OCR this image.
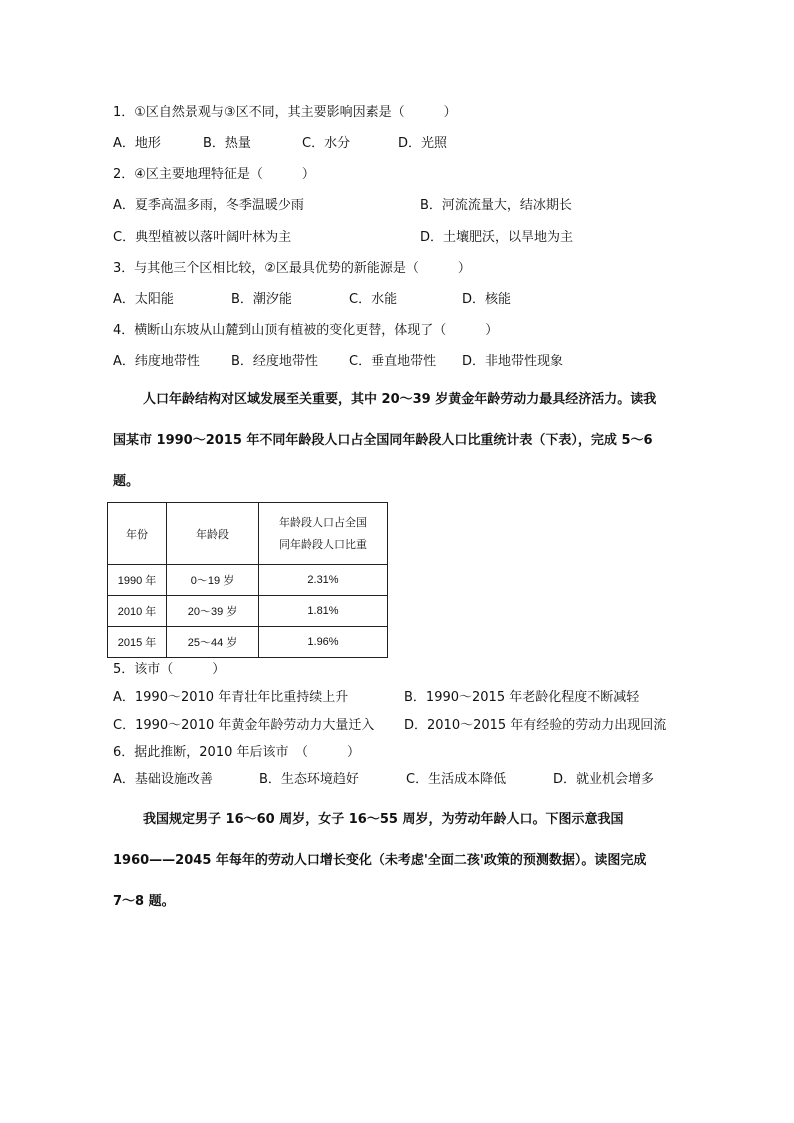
1．①区自然景观与③区不同，其主要影响因素是（　　　）
A．地形	B．热量	C．水分	D．光照
2．④区主要地理特征是（　　　）
A．夏季高温多雨，冬季温暖少雨	B．河流流量大，结冰期长
C．典型植被以落叶阔叶林为主	D．土壤肥沃，以旱地为主
3．与其他三个区相比较，②区最具优势的新能源是（　　　）
A．太阳能	B．潮汐能	C．水能	D．核能
4．横断山东坡从山麓到山顶有植被的变化更替，体现了（　　　）
A．纬度地带性 B．经度地带性 C．垂直地带性 D．非地带性现象
人口年龄结构对区域发展至关重要，其中 20～39 岁黄金年龄劳动力最具经济活力。读我
国某市 1990～2015 年不同年龄段人口占全国同年龄段人口比重统计表（下表），完成 5～6
题。
年份	年龄段	年龄段人口占全国
同年龄段人口比重

1990 年	0～19 岁	2.31%
2010 年	20～39 岁	1.81%
2015 年	25～44 岁	1.96%
5．该市（　　　）
A．1990～2010 年青壮年比重持续上升	B．1990～2015 年老龄化程度不断减轻
C．1990～2010 年黄金年龄劳动力大量迁入 D．2010～2015 年有经验的劳动力出现回流
6．据此推断，2010 年后该市　（　　　）
A．基础设施改善	B．生态环境趋好	C．生活成本降低	D．就业机会增多
我国规定男子 16～60 周岁，女子 16～55 周岁，为劳动年龄人口。下图示意我国
1960——2045 年每年的劳动人口增长变化（未考虑'全面二孩'政策的预测数据）。读图完成
7～8 题。
